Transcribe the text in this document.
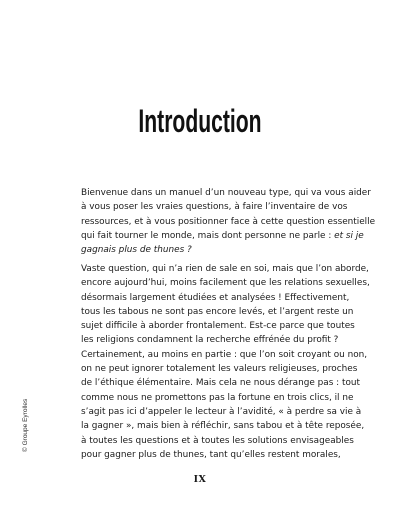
Introduction
Bienvenue dans un manuel d’un nouveau type, qui va vous aider
à vous poser les vraies questions, à faire l’inventaire de vos
ressources, et à vous positionner face à cette question essentielle
qui fait tourner le monde, mais dont personne ne parle : et si je
gagnais plus de thunes ?
Vaste question, qui n’a rien de sale en soi, mais que l’on aborde,
encore aujourd’hui, moins facilement que les relations sexuelles,
désormais largement étudiées et analysées ! Effectivement,
tous les tabous ne sont pas encore levés, et l’argent reste un
sujet difficile à aborder frontalement. Est-ce parce que toutes
les religions condamnent la recherche effrénée du profit ?
Certainement, au moins en partie : que l’on soit croyant ou non,
on ne peut ignorer totalement les valeurs religieuses, proches
de l’éthique élémentaire. Mais cela ne nous dérange pas : tout
comme nous ne promettons pas la fortune en trois clics, il ne
s’agit pas ici d’appeler le lecteur à l’avidité, « à perdre sa vie à
la gagner », mais bien à réfléchir, sans tabou et à tête reposée,
à toutes les questions et à toutes les solutions envisageables
pour gagner plus de thunes, tant qu’elles restent morales,
© Groupe Eyrolles
IX
